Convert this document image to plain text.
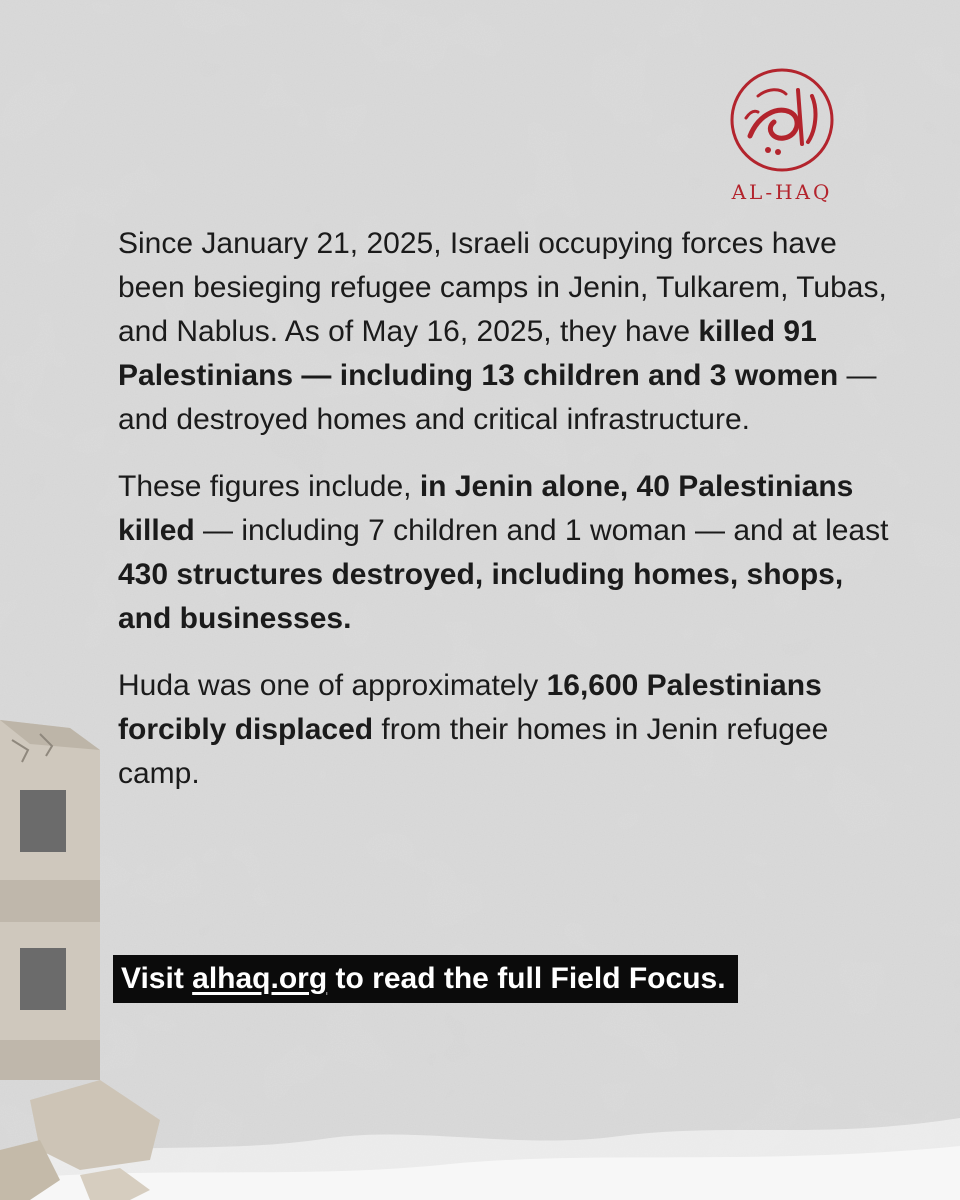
AL-HAQ

Since January 21, 2025, Israeli occupying forces have been besieging refugee camps in Jenin, Tulkarem, Tubas, and Nablus. As of May 16, 2025, they have killed 91 Palestinians — including 13 children and 3 women — and destroyed homes and critical infrastructure.

These figures include, in Jenin alone, 40 Palestinians killed — including 7 children and 1 woman — and at least 430 structures destroyed, including homes, shops, and businesses.

Huda was one of approximately 16,600 Palestinians forcibly displaced from their homes in Jenin refugee camp.

Visit alhaq.org to read the full Field Focus.
